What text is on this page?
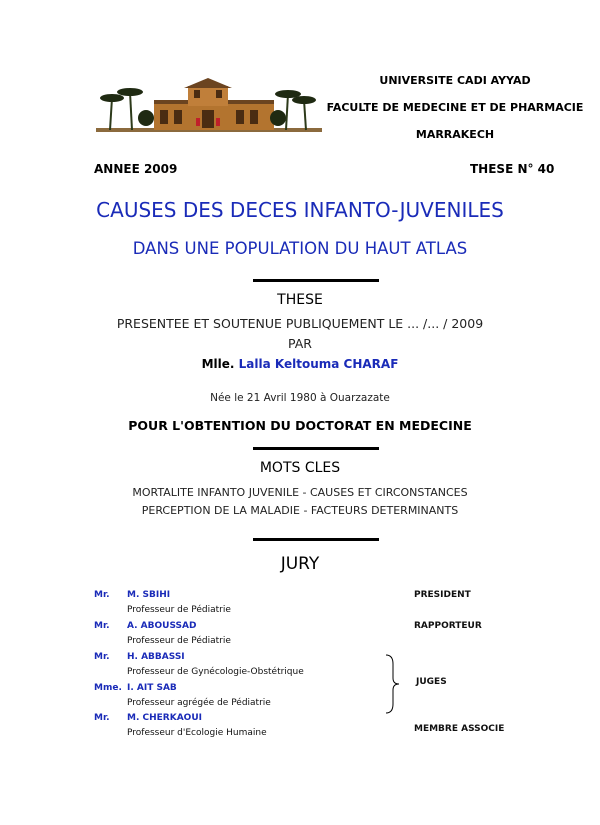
UNIVERSITE CADI AYYAD
FACULTE DE MEDECINE ET DE PHARMACIE
MARRAKECH
ANNEE 2009	THESE N° 40
CAUSES DES DECES INFANTO-JUVENILES
DANS UNE POPULATION DU HAUT ATLAS
THESE
PRESENTEE ET SOUTENUE PUBLIQUEMENT LE ... /... / 2009
PAR
Mlle. Lalla Keltouma CHARAF
Née le 21 Avril 1980 à Ouarzazate
POUR L'OBTENTION DU DOCTORAT EN MEDECINE
MOTS CLES
MORTALITE INFANTO JUVENILE - CAUSES ET CIRCONSTANCES
PERCEPTION DE LA MALADIE - FACTEURS DETERMINANTS
JURY
Mr. M. SBIHI
Professeur de Pédiatrie
PRESIDENT
Mr. A. ABOUSSAD
Professeur de Pédiatrie
RAPPORTEUR
Mr. H. ABBASSI
Professeur de Gynécologie-Obstétrique
Mme. I. AIT SAB
Professeur agrégée de Pédiatrie
JUGES
Mr. M. CHERKAOUI
Professeur d'Ecologie Humaine	MEMBRE ASSOCIE
